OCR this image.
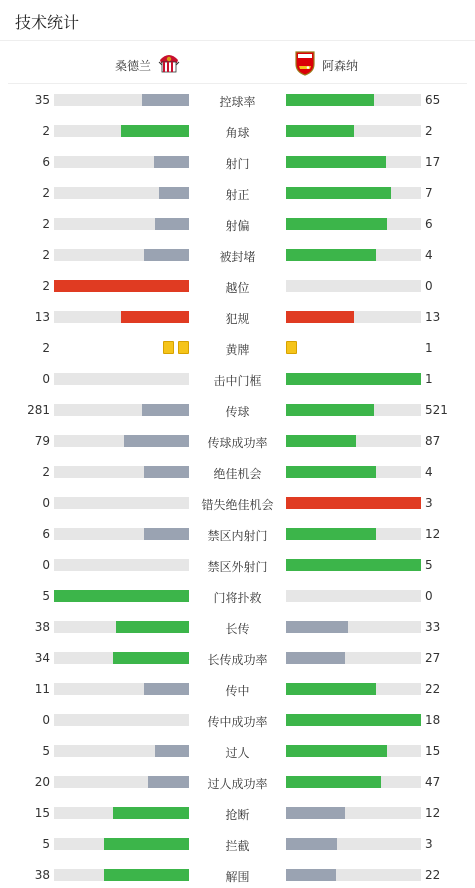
技术统计
桑德兰	阿森纳
35	控球率	65
2	角球	2
6	射门	17
2	射正	7
2	射偏	6
2	被封堵	4
2	越位	0
13	犯规	13
2	黄牌	1
0	击中门框	1
281	传球	521
79	传球成功率	87
2	绝佳机会	4
0	错失绝佳机会	3
6	禁区内射门	12
0	禁区外射门	5
5	门将扑救	0
38	长传	33
34	长传成功率	27
11	传中	22
0	传中成功率	18
5	过人	15
20	过人成功率	47
15	抢断	12
5	拦截	3
38	解围	22
